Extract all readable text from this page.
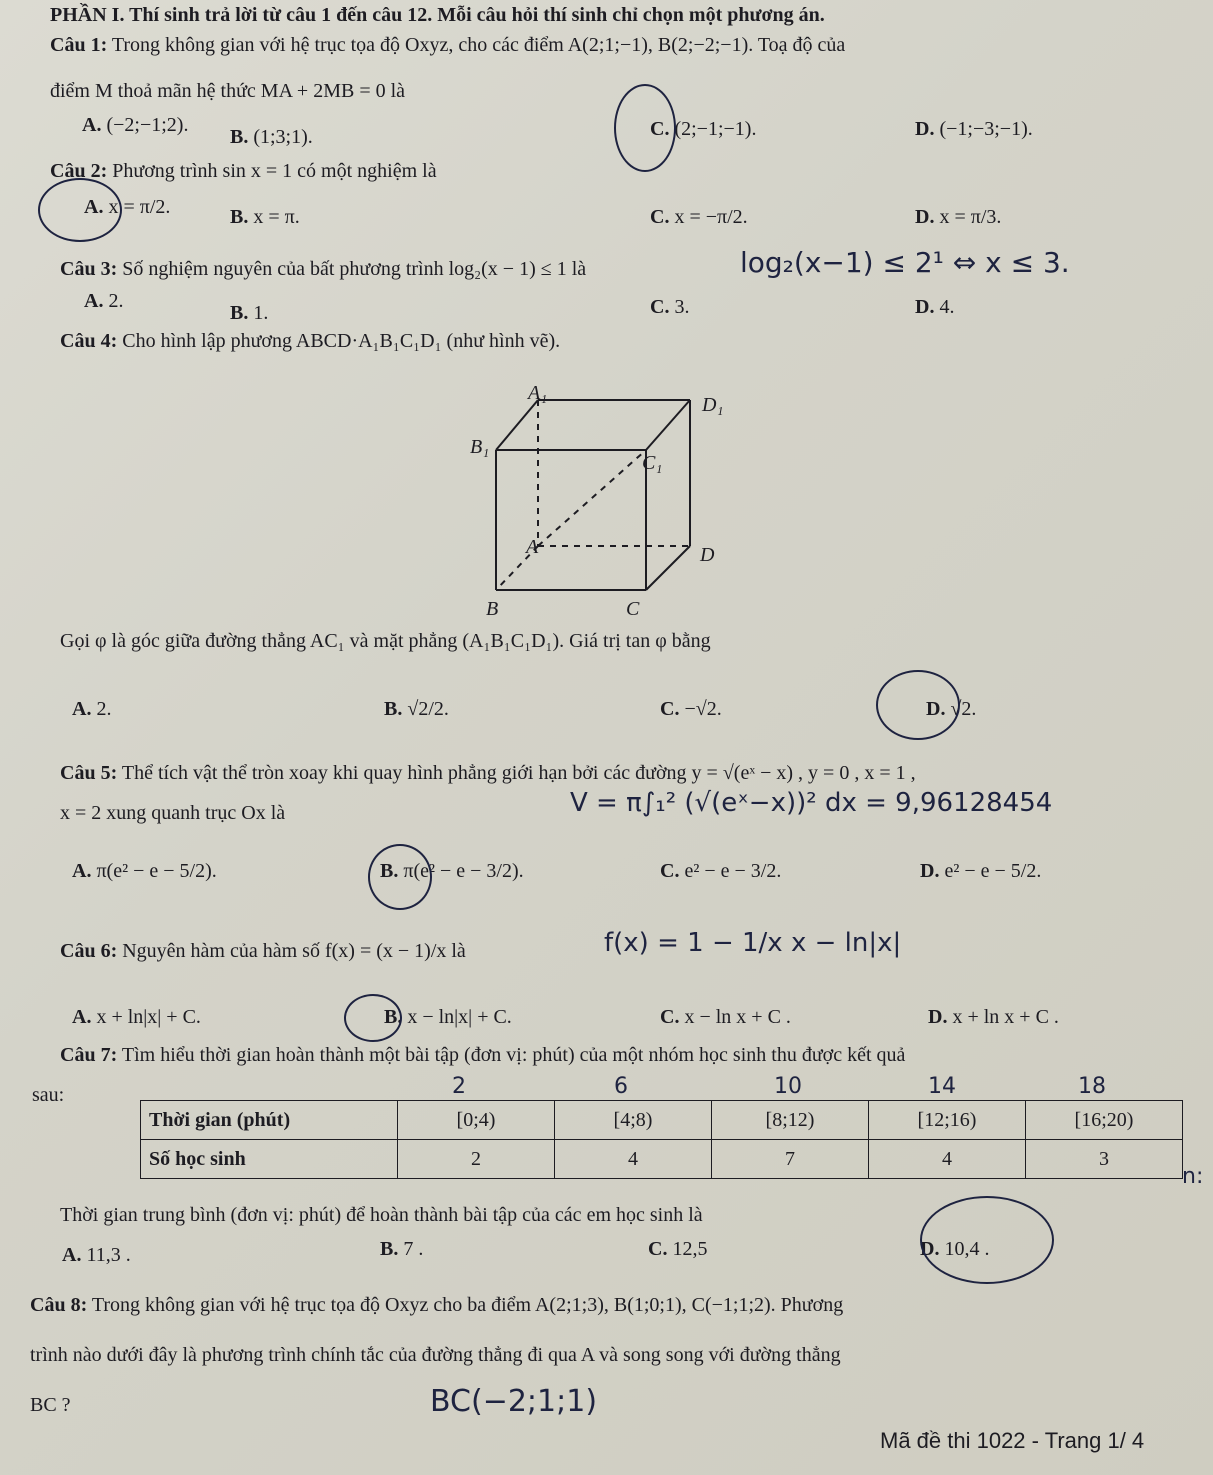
PHẦN I. Thí sinh trả lời từ câu 1 đến câu 12. Mỗi câu hỏi thí sinh chỉ chọn một phương án.
Câu 1: Trong không gian với hệ trục tọa độ Oxyz, cho các điểm A(2;1;−1), B(2;−2;−1). Toạ độ của
điểm M thoả mãn hệ thức MA + 2MB = 0 là
A. (−2;−1;2).
B. (1;3;1).	C. (2;−1;−1).	D. (−1;−3;−1).
Câu 2: Phương trình sin x = 1 có một nghiệm là
A. x = π/2.	B. x = π.	C. x = −π/2.	D. x = π/3.
Câu 3: Số nghiệm nguyên của bất phương trình log₂(x − 1) ≤ 1 là	log₂(x−1) ≤ 2¹ ⇔ x ≤ 3.
A. 2.
B. 1.	C. 3.	D. 4.
Câu 4: Cho hình lập phương ABCD·A₁B₁C₁D₁ (như hình vẽ).
A₁
D₁
B₁
C₁
A	D
B	C
Gọi φ là góc giữa đường thẳng AC₁ và mặt phẳng (A₁B₁C₁D₁). Giá trị tan φ bằng
A. 2.	B. √2/2.	C. −√2.	D. √2.
Câu 5: Thể tích vật thể tròn xoay khi quay hình phẳng giới hạn bởi các đường y = √(eˣ − x) , y = 0 , x = 1 ,
x = 2 xung quanh trục Ox là	V = π∫₁² (√(eˣ−x))² dx = 9,96128454
A. π(e² − e − 5/2).	B. π(e² − e − 3/2).	C. e² − e − 3/2.	D. e² − e − 5/2.
Câu 6: Nguyên hàm của hàm số f(x) = (x − 1)/x là	f(x) = 1 − 1/x x − ln|x|
A. x + ln|x| + C.	B. x − ln|x| + C.	C. x − ln x + C .	D. x + ln x + C .
Câu 7: Tìm hiểu thời gian hoàn thành một bài tập (đơn vị: phút) của một nhóm học sinh thu được kết quả
sau:	2	6	10	14	18
Thời gian (phút)	[0;4)	[4;8)	[8;12)	[12;16)	[16;20)
Số học sinh	2	4	7	4	3
n:
Thời gian trung bình (đơn vị: phút) để hoàn thành bài tập của các em học sinh là
A. 11,3 .	B. 7 .	C. 12,5	D. 10,4 .
Câu 8: Trong không gian với hệ trục tọa độ Oxyz cho ba điểm A(2;1;3), B(1;0;1), C(−1;1;2). Phương
trình nào dưới đây là phương trình chính tắc của đường thẳng đi qua A và song song với đường thẳng
BC ?	BC(−2;1;1)
Mã đề thi 1022 - Trang 1/ 4
